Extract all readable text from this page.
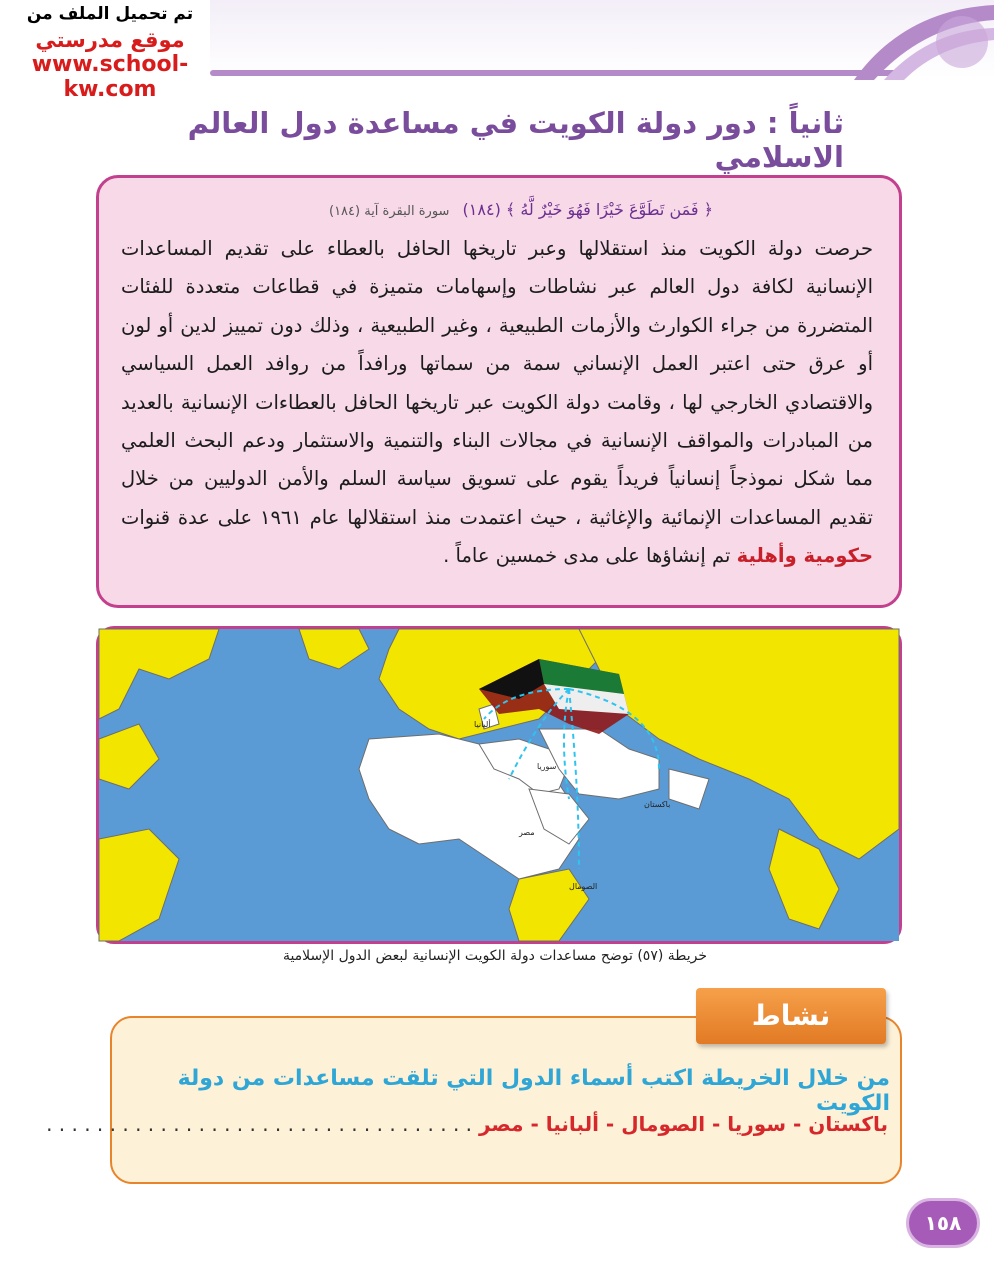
تم تحميل الملف من
موقع مدرستي
www.school-kw.com
ثانياً : دور دولة الكويت في مساعدة دول العالم الاسلامي
﴿ فَمَن تَطَوَّعَ خَيْرًا فَهُوَ خَيْرٌ لَّهُ ﴾ (١٨٤) سورة البقرة آية (١٨٤)

حرصت دولة الكويت منذ استقلالها وعبر تاريخها الحافل بالعطاء على تقديم المساعدات الإنسانية لكافة دول العالم عبر نشاطات وإسهامات متميزة في قطاعات متعددة للفئات المتضررة من جراء الكوارث والأزمات الطبيعية ، وغير الطبيعية ، وذلك دون تمييز لدين أو لون أو عرق حتى اعتبر العمل الإنساني سمة من سماتها ورافداً من روافد العمل السياسي والاقتصادي الخارجي لها ، وقامت دولة الكويت عبر تاريخها الحافل بالعطاءات الإنسانية بالعديد من المبادرات والمواقف الإنسانية في مجالات البناء والتنمية والاستثمار ودعم البحث العلمي مما شكل نموذجاً إنسانياً فريداً يقوم على تسويق سياسة السلم والأمن الدوليين من خلال تقديم المساعدات الإنمائية والإغاثية ، حيث اعتمدت منذ استقلالها عام ١٩٦١ على عدة قنوات حكومية وأهلية تم إنشاؤها على مدى خمسين عاماً .

ألبانيا
سوريا
مصر
باكستان
الصومال
خريطة (٥٧) توضح مساعدات دولة الكويت الإنسانية لبعض الدول الإسلامية
نشاط
من خلال الخريطة اكتب أسماء الدول التي تلقت مساعدات من دولة الكويت
باكستان - سوريا - الصومال - ألبانيا - مصر . . . . . . . . . . . . . . . . . . . . . . . . . . . . . . . . . .
١٥٨
